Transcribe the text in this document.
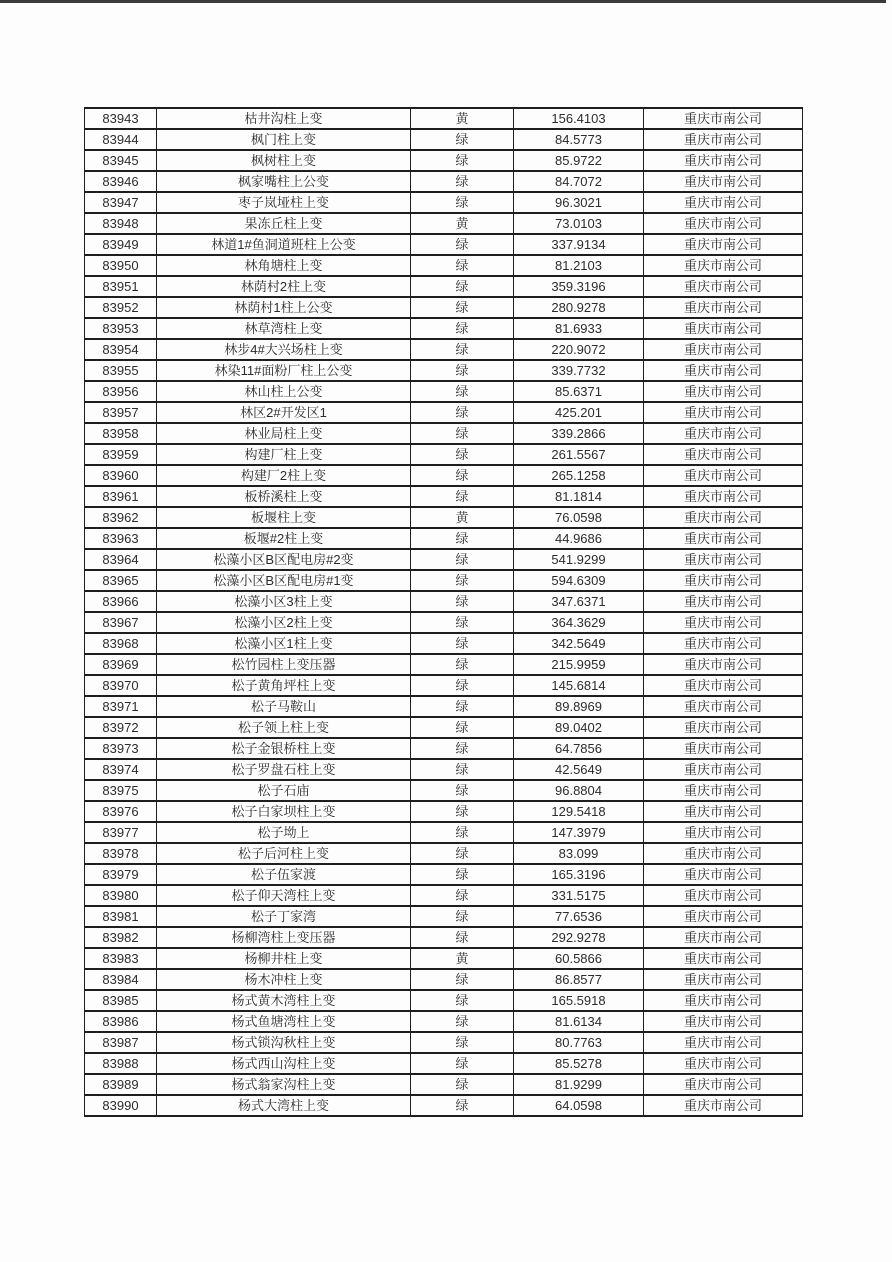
83943	枯井沟柱上变	黄	156.4103	重庆市南公司
83944	枫门柱上变	绿	84.5773	重庆市南公司
83945	枫树柱上变	绿	85.9722	重庆市南公司
83946	枫家嘴柱上公变	绿	84.7072	重庆市南公司
83947	枣子岚垭柱上变	绿	96.3021	重庆市南公司
83948	果冻丘柱上变	黄	73.0103	重庆市南公司
83949	林道1#鱼洞道班柱上公变	绿	337.9134	重庆市南公司
83950	林角塘柱上变	绿	81.2103	重庆市南公司
83951	林荫村2柱上变	绿	359.3196	重庆市南公司
83952	林荫村1柱上公变	绿	280.9278	重庆市南公司
83953	林草湾柱上变	绿	81.6933	重庆市南公司
83954	林步4#大兴场柱上变	绿	220.9072	重庆市南公司
83955	林染11#面粉厂柱上公变	绿	339.7732	重庆市南公司
83956	林山柱上公变	绿	85.6371	重庆市南公司
83957	林区2#开发区1	绿	425.201	重庆市南公司
83958	林业局柱上变	绿	339.2866	重庆市南公司
83959	构建厂柱上变	绿	261.5567	重庆市南公司
83960	构建厂2柱上变	绿	265.1258	重庆市南公司
83961	板桥溪柱上变	绿	81.1814	重庆市南公司
83962	板堰柱上变	黄	76.0598	重庆市南公司
83963	板堰#2柱上变	绿	44.9686	重庆市南公司
83964	松藻小区B区配电房#2变	绿	541.9299	重庆市南公司
83965	松藻小区B区配电房#1变	绿	594.6309	重庆市南公司
83966	松藻小区3柱上变	绿	347.6371	重庆市南公司
83967	松藻小区2柱上变	绿	364.3629	重庆市南公司
83968	松藻小区1柱上变	绿	342.5649	重庆市南公司
83969	松竹园柱上变压器	绿	215.9959	重庆市南公司
83970	松子黄角坪柱上变	绿	145.6814	重庆市南公司
83971	松子马鞍山	绿	89.8969	重庆市南公司
83972	松子领上柱上变	绿	89.0402	重庆市南公司
83973	松子金银桥柱上变	绿	64.7856	重庆市南公司
83974	松子罗盘石柱上变	绿	42.5649	重庆市南公司
83975	松子石庙	绿	96.8804	重庆市南公司
83976	松子白家坝柱上变	绿	129.5418	重庆市南公司
83977	松子坳上	绿	147.3979	重庆市南公司
83978	松子后河柱上变	绿	83.099	重庆市南公司
83979	松子伍家渡	绿	165.3196	重庆市南公司
83980	松子仰天湾柱上变	绿	331.5175	重庆市南公司
83981	松子丁家湾	绿	77.6536	重庆市南公司
83982	杨柳湾柱上变压器	绿	292.9278	重庆市南公司
83983	杨柳井柱上变	黄	60.5866	重庆市南公司
83984	杨木冲柱上变	绿	86.8577	重庆市南公司
83985	杨式黄木湾柱上变	绿	165.5918	重庆市南公司
83986	杨式鱼塘湾柱上变	绿	81.6134	重庆市南公司
83987	杨式锁沟秋柱上变	绿	80.7763	重庆市南公司
83988	杨式西山沟柱上变	绿	85.5278	重庆市南公司
83989	杨式翁家沟柱上变	绿	81.9299	重庆市南公司
83990	杨式大湾柱上变	绿	64.0598	重庆市南公司
